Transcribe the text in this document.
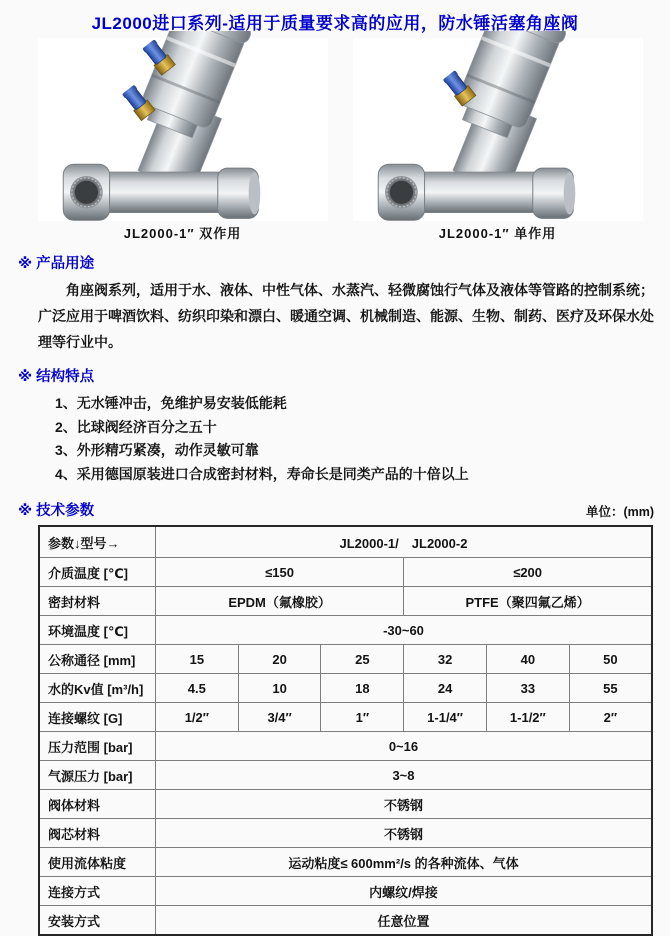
JL2000进口系列-适用于质量要求高的应用，防水锤活塞角座阀
JL2000-1″ 双作用	JL2000-1″ 单作用
※ 产品用途

角座阀系列，适用于水、液体、中性气体、水蒸汽、轻微腐蚀行气体及液体等管路的控制系统；广泛应用于啤酒饮料、纺织印染和漂白、暖通空调、机械制造、能源、生物、制药、医疗及环保水处理等行业中。

※ 结构特点
1、无水锤冲击，免维护易安装低能耗
2、比球阀经济百分之五十
3、外形精巧紧凑，动作灵敏可靠
4、采用德国原装进口合成密封材料，寿命长是同类产品的十倍以上
※ 技术参数	单位：(mm)
参数↓型号→	JL2000-1/　JL2000-2					
介质温度 [℃]	≤150			≤200		
密封材料	EPDM（氟橡胶）			PTFE（聚四氟乙烯）		
环境温度 [℃]	-30~60					
公称通径 [mm]	15	20	25	32	40	50
水的Kv值 [m³/h]	4.5	10	18	24	33	55
连接螺纹 [G]	1/2″	3/4″	1″	1-1/4″	1-1/2″	2″
压力范围 [bar]	0~16					
气源压力 [bar]	3~8					
阀体材料	不锈钢					
阀芯材料	不锈钢					
使用流体粘度	运动粘度≤ 600mm²/s 的各种流体、气体					
连接方式	内螺纹/焊接					
安装方式	任意位置					
